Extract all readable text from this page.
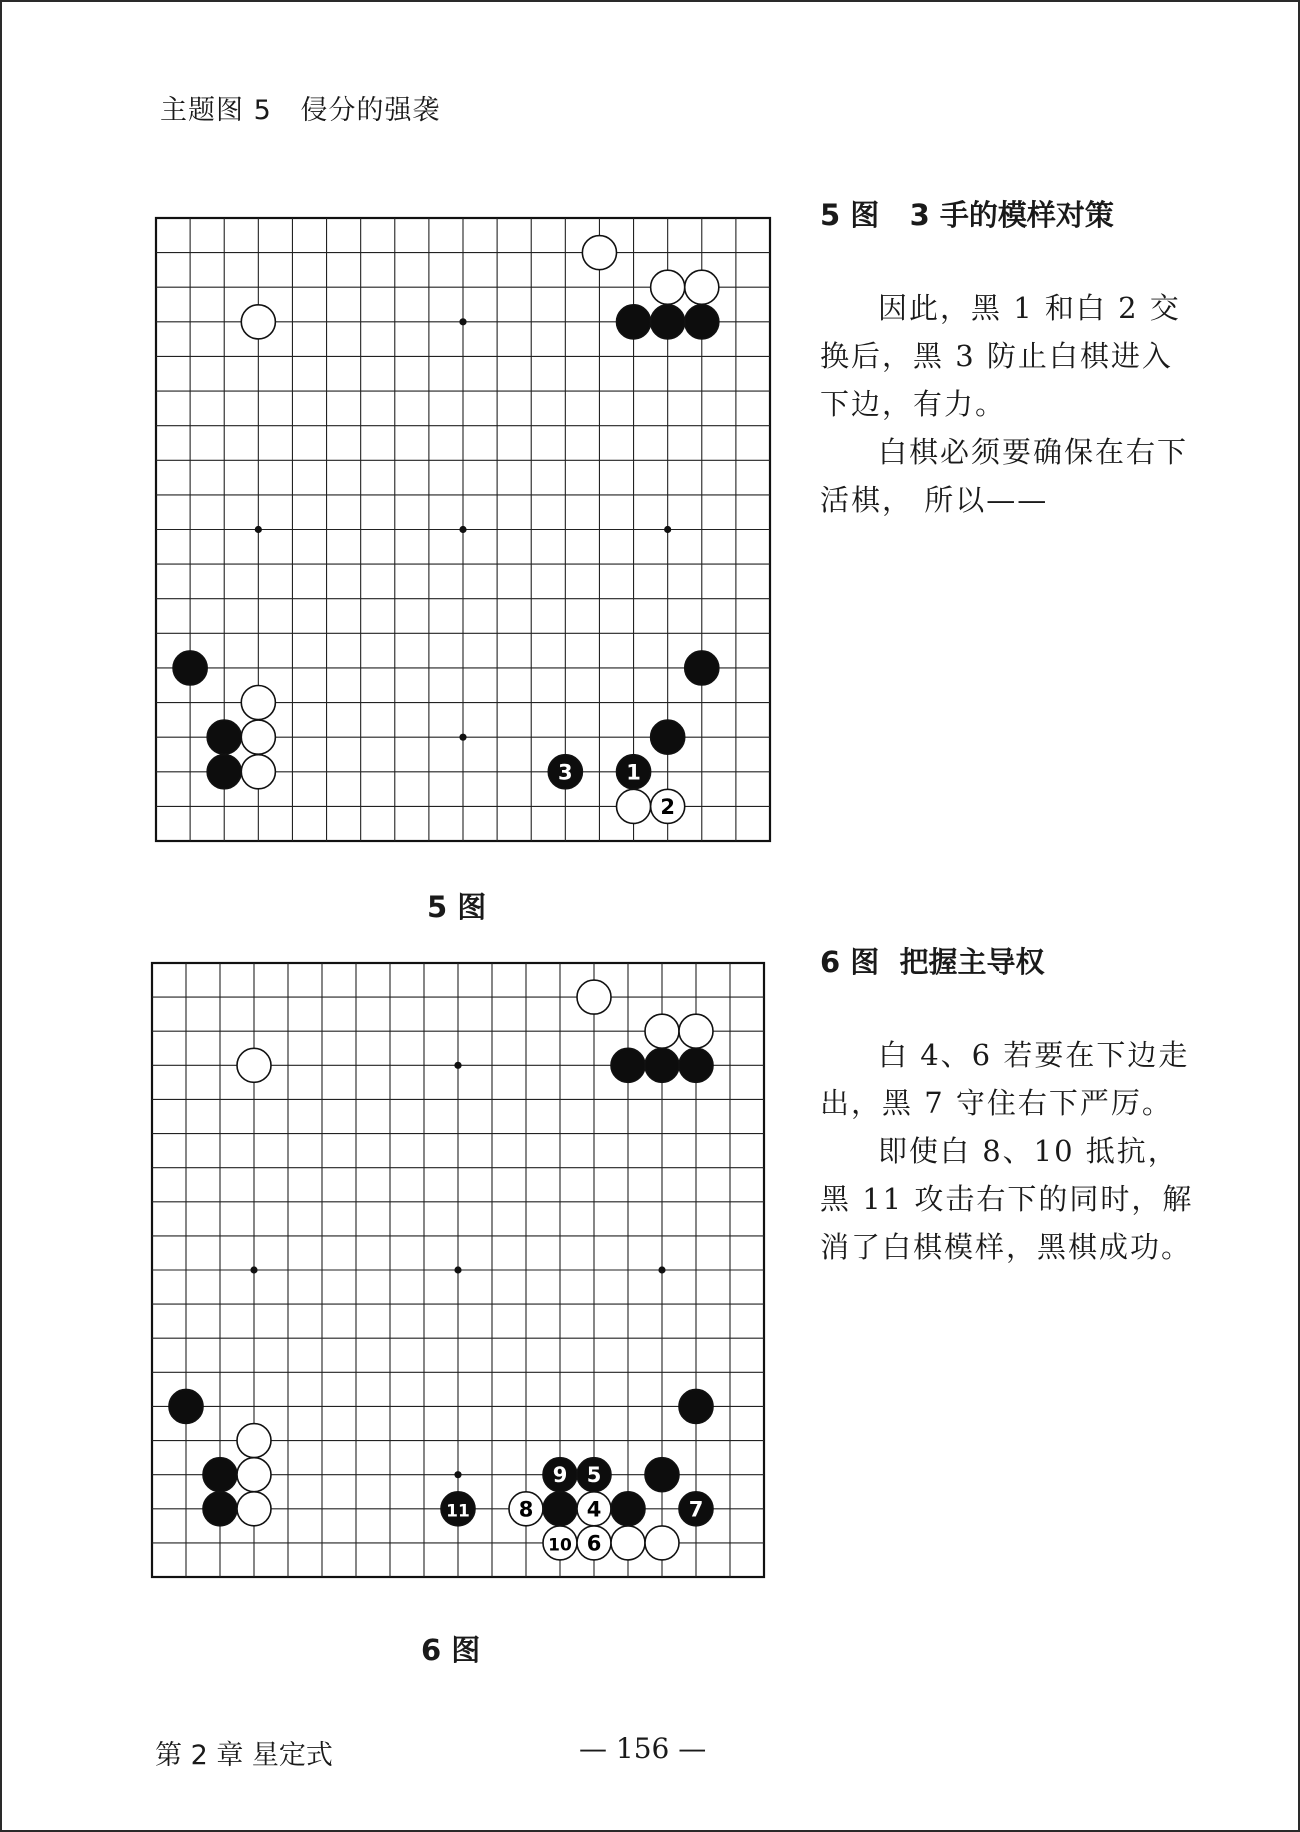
主题图 5   侵分的强袭
3	1
2
5 图
9 5
11 8	4	7
10 6
6 图
5 图   3 手的模样对策

因此，黑 1 和白 2 交换后，黑 3 防止白棋进入下边，有力。

白棋必须要确保在右下活棋， 所以——

6 图  把握主导权

白 4、6 若要在下边走出，黑 7 守住右下严厉。

即使白 8、10 抵抗，黑 11 攻击右下的同时，解消了白棋模样，黑棋成功。

第 2 章 星定式	— 156 —
